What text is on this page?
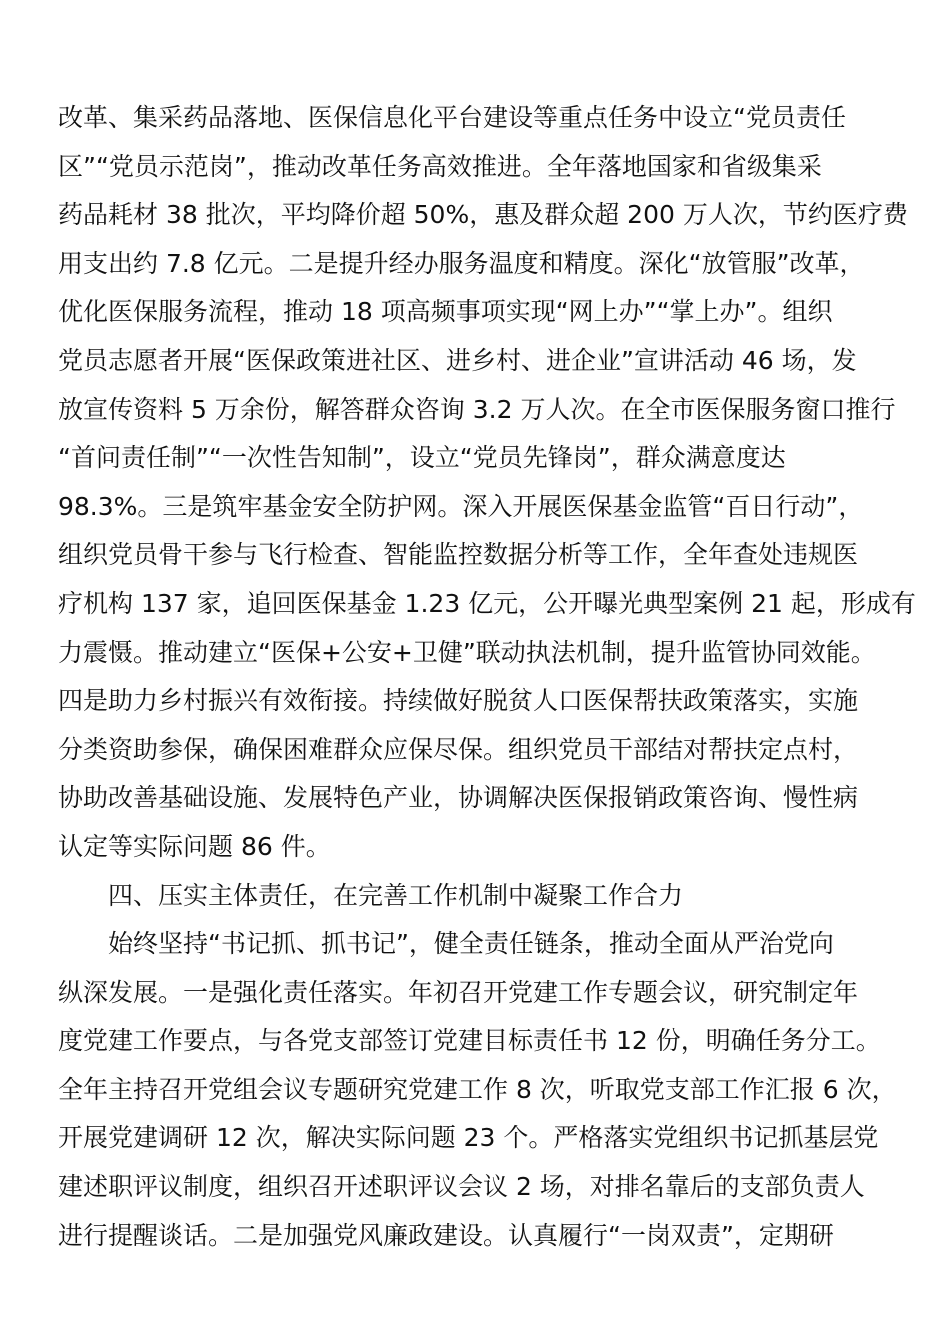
改革、集采药品落地、医保信息化平台建设等重点任务中设立“党员责任
区”“党员示范岗”，推动改革任务高效推进。全年落地国家和省级集采
药品耗材 38 批次，平均降价超 50%，惠及群众超 200 万人次，节约医疗费
用支出约 7.8 亿元。二是提升经办服务温度和精度。深化“放管服”改革，
优化医保服务流程，推动 18 项高频事项实现“网上办”“掌上办”。组织
党员志愿者开展“医保政策进社区、进乡村、进企业”宣讲活动 46 场，发
放宣传资料 5 万余份，解答群众咨询 3.2 万人次。在全市医保服务窗口推行
“首问责任制”“一次性告知制”，设立“党员先锋岗”，群众满意度达
98.3%。三是筑牢基金安全防护网。深入开展医保基金监管“百日行动”，
组织党员骨干参与飞行检查、智能监控数据分析等工作，全年查处违规医
疗机构 137 家，追回医保基金 1.23 亿元，公开曝光典型案例 21 起，形成有
力震慑。推动建立“医保+公安+卫健”联动执法机制，提升监管协同效能。
四是助力乡村振兴有效衔接。持续做好脱贫人口医保帮扶政策落实，实施
分类资助参保，确保困难群众应保尽保。组织党员干部结对帮扶定点村，
协助改善基础设施、发展特色产业，协调解决医保报销政策咨询、慢性病
认定等实际问题 86 件。
四、压实主体责任，在完善工作机制中凝聚工作合力
始终坚持“书记抓、抓书记”，健全责任链条，推动全面从严治党向
纵深发展。一是强化责任落实。年初召开党建工作专题会议，研究制定年
度党建工作要点，与各党支部签订党建目标责任书 12 份，明确任务分工。
全年主持召开党组会议专题研究党建工作 8 次，听取党支部工作汇报 6 次，
开展党建调研 12 次，解决实际问题 23 个。严格落实党组织书记抓基层党
建述职评议制度，组织召开述职评议会议 2 场，对排名靠后的支部负责人
进行提醒谈话。二是加强党风廉政建设。认真履行“一岗双责”，定期研
